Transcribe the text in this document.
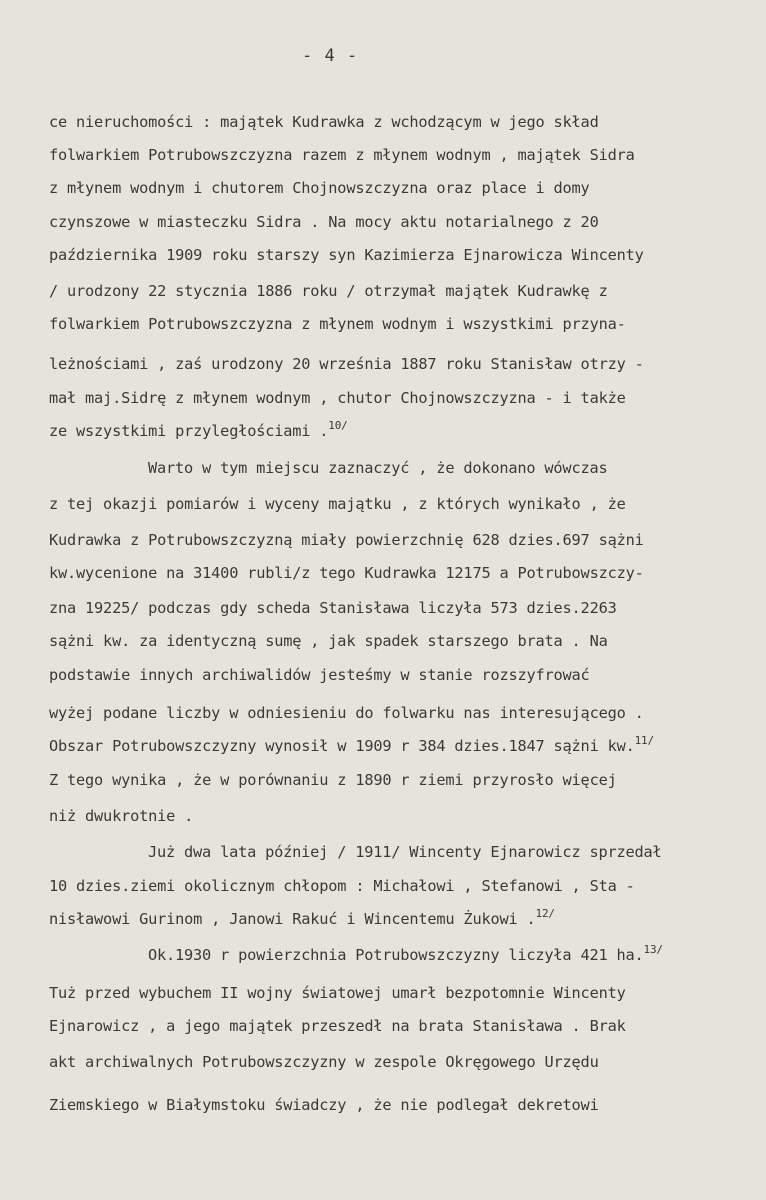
- 4 -
ce nieruchomości : majątek Kudrawka z wchodzącym w jego skład
folwarkiem Potrubowszczyzna razem z młynem wodnym , majątek Sidra
z młynem wodnym i chutorem Chojnowszczyzna oraz place i domy
czynszowe w miasteczku Sidra . Na mocy aktu notarialnego z 20
października 1909 roku starszy syn Kazimierza Ejnarowicza Wincenty
/ urodzony 22 stycznia 1886 roku / otrzymał majątek Kudrawkę z
folwarkiem Potrubowszczyzna z młynem wodnym i wszystkimi przyna-
leżnościami , zaś urodzony 20 września 1887 roku Stanisław otrzy -
mał maj.Sidrę z młynem wodnym , chutor Chojnowszczyzna - i także
ze wszystkimi przyległościami .$^{10/}$
Warto w tym miejscu zaznaczyć , że dokonano wówczas
z tej okazji pomiarów i wyceny majątku , z których wynikało , że
Kudrawka z Potrubowszczyzną miały powierzchnię 628 dzies.697 sążni
kw.wycenione na 31400 rubli/z tego Kudrawka 12175 a Potrubowszczy-
zna 19225/ podczas gdy scheda Stanisława liczyła 573 dzies.2263
sążni kw. za identyczną sumę , jak spadek starszego brata . Na
podstawie innych archiwalidów jesteśmy w stanie rozszyfrować
wyżej podane liczby w odniesieniu do folwarku nas interesującego .
Obszar Potrubowszczyzny wynosił w 1909 r 384 dzies.1847 sążni kw.$^{11/}$
Z tego wynika , że w porównaniu z 1890 r ziemi przyrosło więcej
niż dwukrotnie .
Już dwa lata później / 1911/ Wincenty Ejnarowicz sprzedał
10 dzies.ziemi okolicznym chłopom : Michałowi , Stefanowi , Sta -
nisławowi Gurinom , Janowi Rakuć i Wincentemu Żukowi .$^{12/}$
Ok.1930 r powierzchnia Potrubowszczyzny liczyła 421 ha.$^{13/}$
Tuż przed wybuchem II wojny światowej umarł bezpotomnie Wincenty
Ejnarowicz , a jego majątek przeszedł na brata Stanisława . Brak
akt archiwalnych Potrubowszczyzny w zespole Okręgowego Urzędu
Ziemskiego w Białymstoku świadczy , że nie podlegał dekretowi
